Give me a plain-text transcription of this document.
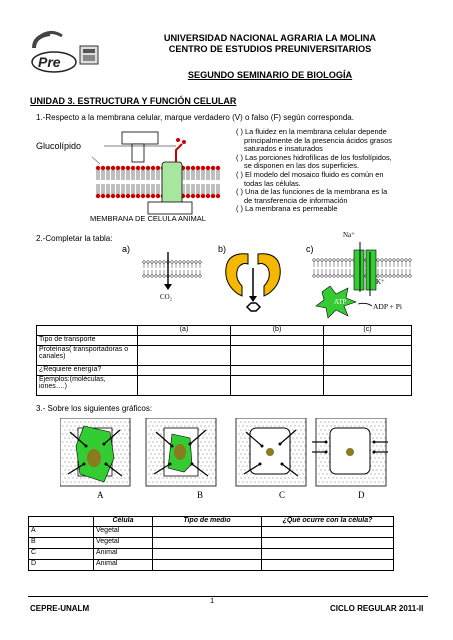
Pre
UNIVERSIDAD NACIONAL AGRARIA LA MOLINA
CENTRO DE ESTUDIOS PREUNIVERSITARIOS
SEGUNDO SEMINARIO DE BIOLOGÍA
UNIDAD 3. ESTRUCTURA Y FUNCIÓN CELULAR
1.-Respecto a la membrana celular, marque verdadero (V) o falso (F) según corresponda.
Glucolípido
MEMBRANA DE CELULA ANIMAL
( ) La fluidez en la membrana celular depende
principalmente de la presencia ácidos grasos
saturados e insaturados
( ) Las porciones hidrofílicas de los fosfolípidos,
se disponen en las dos superficies.
( ) El modelo del mosaico fluido es común en
todas las células.
( ) Una de las funciones de la membrana es la
de transferencia de información
( ) La membrana es permeable
2.-Completar la tabla:
a)	b)	c)
CO₂
Na⁺
K⁺
ATP	ADP + Pi
	(a)	(b)	(c)
Tipo de transporte			
Proteínas( transportadoras o canales)			
¿Requiere energía?			
Ejemplos:(moléculas, iones….)			
3.- Sobre los siguientes gráficos:
A	B	C	D
	Célula	Tipo de medio	¿Qué ocurre con la célula?
A	Vegetal		
B	Vegetal		
C	Animal		
D	Animal		
1
CEPRE-UNALM	CICLO REGULAR 2011-II
